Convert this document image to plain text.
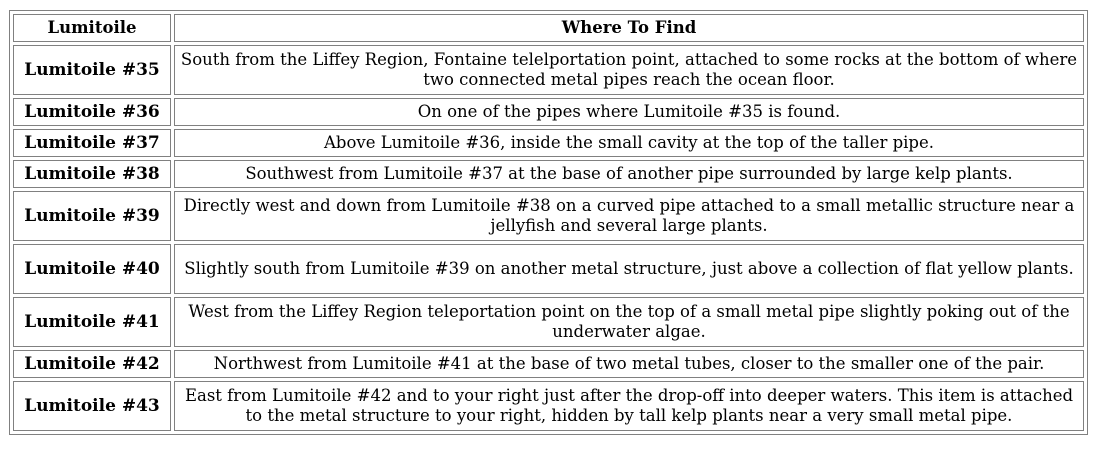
Lumitoile	Where To Find
Lumitoile #35	South from the Liffey Region, Fontaine telelportation point, attached to some rocks at the bottom of where two connected metal pipes reach the ocean floor.
Lumitoile #36	On one of the pipes where Lumitoile #35 is found.
Lumitoile #37	Above Lumitoile #36, inside the small cavity at the top of the taller pipe.
Lumitoile #38	Southwest from Lumitoile #37 at the base of another pipe surrounded by large kelp plants.
Lumitoile #39	Directly west and down from Lumitoile #38 on a curved pipe attached to a small metallic structure near a jellyfish and several large plants.
Lumitoile #40	Slightly south from Lumitoile #39 on another metal structure, just above a collection of flat yellow plants.
Lumitoile #41	West from the Liffey Region teleportation point on the top of a small metal pipe slightly poking out of the underwater algae.
Lumitoile #42	Northwest from Lumitoile #41 at the base of two metal tubes, closer to the smaller one of the pair.
Lumitoile #43	East from Lumitoile #42 and to your right just after the drop-off into deeper waters. This item is attached to the metal structure to your right, hidden by tall kelp plants near a very small metal pipe.
